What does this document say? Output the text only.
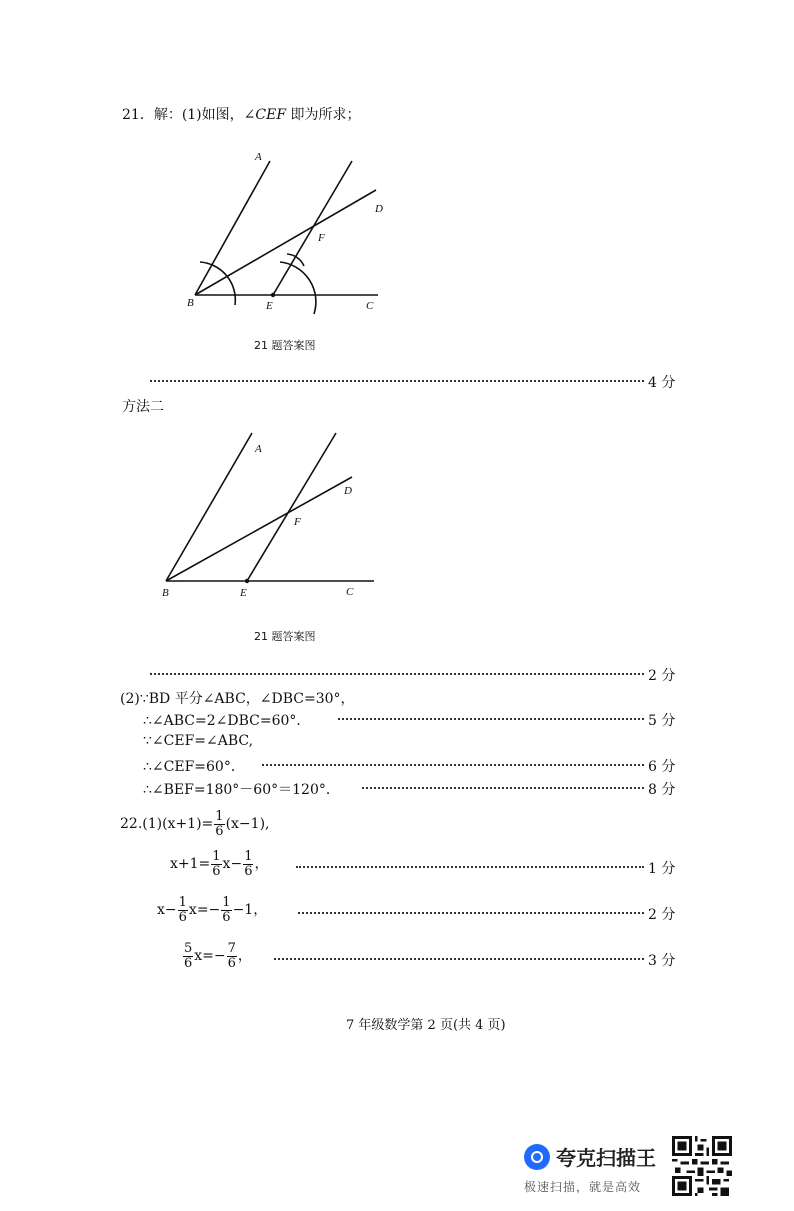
21．解：(1)如图，∠CEF 即为所求；
A
D
F
B	E	C
A
D
F
B	E	C
21 题答案图
4 分
方法二
21 题答案图
2 分
(2)∵BD 平分∠ABC，∠DBC=30°，
∴∠ABC=2∠DBC=60°．	5 分
∵∠CEF=∠ABC,
∴∠CEF=60°．	6 分
∴∠BEF=180°－60°＝120°．	8 分
$22.(1)(x+1)= \frac{1}{6} (x-1)$,
$x+1= \frac{1}{6} x- \frac{1}{6}$ ，	1 分
$x- \frac{1}{6} x=- \frac{1}{6} -1$，	2 分
$\frac{5}{6} x=- \frac{7}{6}$ ，	3 分
7 年级数学第 2 页(共 4 页)
夸克扫描王
极速扫描，就是高效
